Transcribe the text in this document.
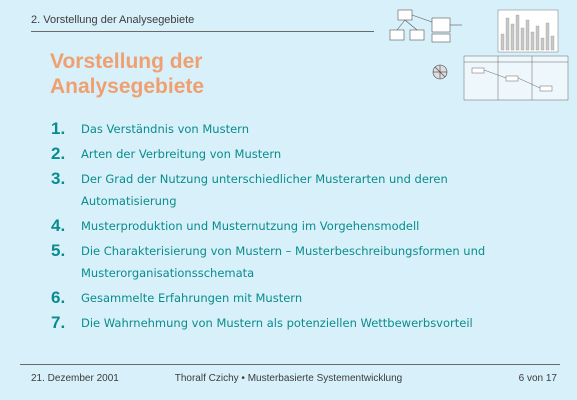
2. Vorstellung der Analysegebiete
Vorstellung der
Analysegebiete
1. Das Verständnis von Mustern
2. Arten der Verbreitung von Mustern
3. Der Grad der Nutzung unterschiedlicher Musterarten und deren Automatisierung
4. Musterproduktion und Musternutzung im Vorgehensmodell
5. Die Charakterisierung von Mustern – Musterbeschreibungsformen und Musterorganisationsschemata
6. Gesammelte Erfahrungen mit Mustern
7. Die Wahrnehmung von Mustern als potenziellen Wettbewerbsvorteil
21. Dezember 2001	Thoralf Czichy • Musterbasierte Systementwicklung	6 von 17
